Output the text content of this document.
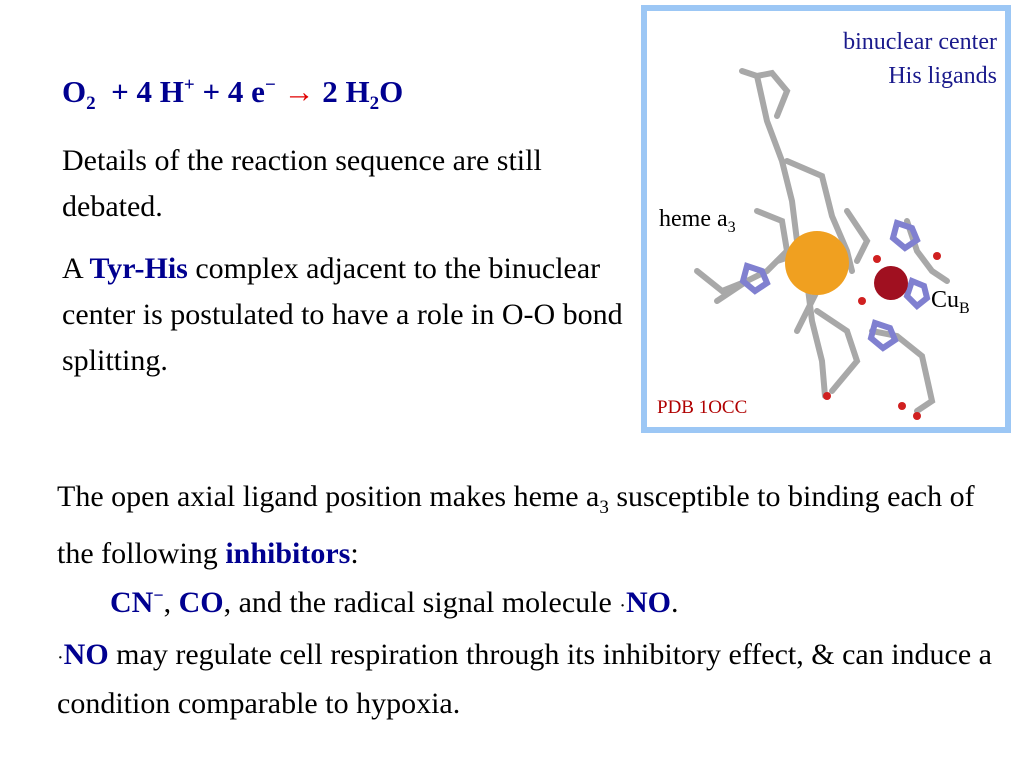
$O_2 + 4$ H+ + 4 e− → 2 $H_2O$
Details of the reaction sequence are still debated.
A Tyr-His complex adjacent to the binuclear center is postulated to have a role in O-O bond splitting.
binuclear center
His ligands
heme $a_3$
$Cu_B$
PDB 1OCC
The open axial ligand position makes heme $a_3$ susceptible to binding each of the following inhibitors:
CN−, CO, and the radical signal molecule ·NO.
·NO may regulate cell respiration through its inhibitory effect, & can induce a condition comparable to hypoxia.
